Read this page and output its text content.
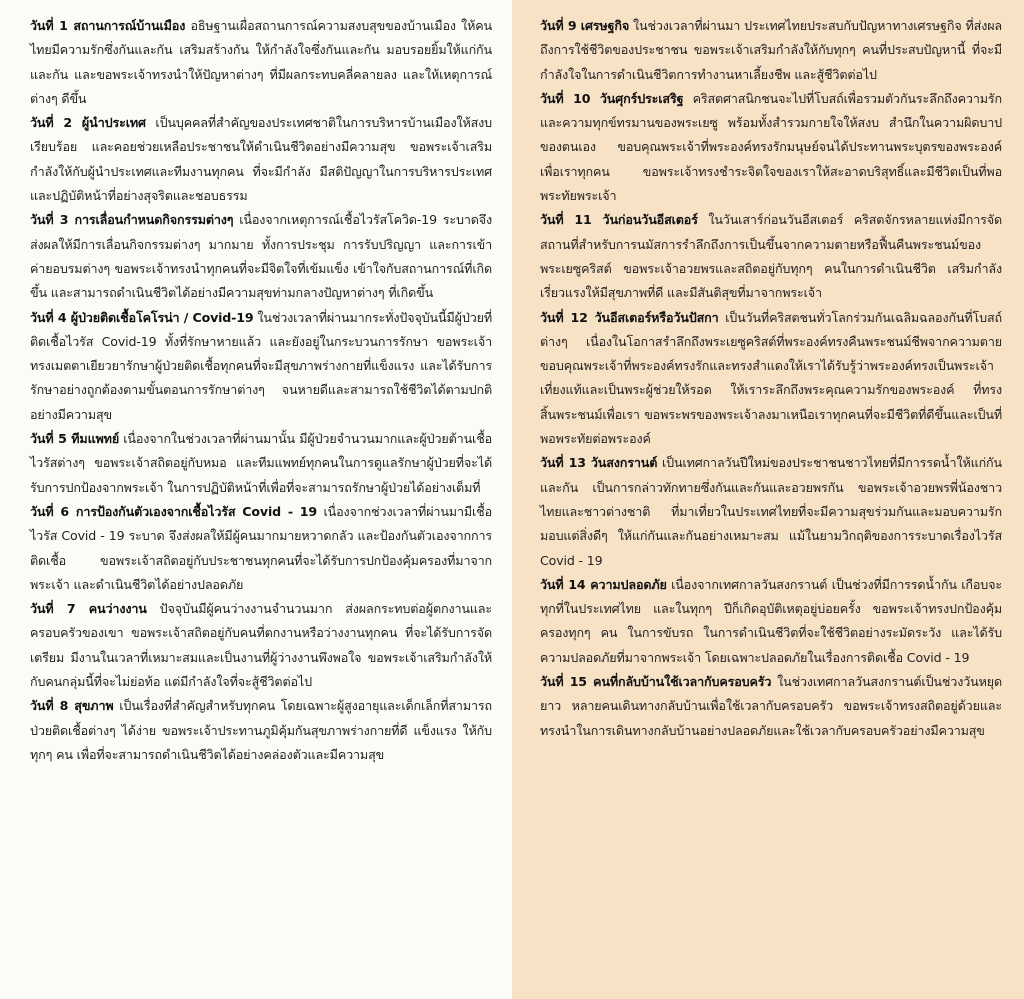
วันที่ 1 สถานการณ์บ้านเมือง อธิษฐานเผื่อสถานการณ์ความสงบสุขของบ้านเมือง ให้คนไทยมีความรักซึ่งกันและกัน เสริมสร้างกัน ให้กำลังใจซึ่งกันและกัน มอบรอยยิ้มให้แก่กันและกัน และขอพระเจ้าทรงนำให้ปัญหาต่างๆ ที่มีผลกระทบคลี่คลายลง และให้เหตุการณ์ต่างๆ ดีขึ้น

วันที่ 2 ผู้นำประเทศ เป็นบุคคลที่สำคัญของประเทศชาติในการบริหารบ้านเมืองให้สงบเรียบร้อย และคอยช่วยเหลือประชาชนให้ดำเนินชีวิตอย่างมีความสุข ขอพระเจ้าเสริมกำลังให้กับผู้นำประเทศและทีมงานทุกคน ที่จะมีกำลัง มีสติปัญญาในการบริหารประเทศ และปฏิบัติหน้าที่อย่างสุจริตและชอบธรรม

วันที่ 3 การเลื่อนกำหนดกิจกรรมต่างๆ เนื่องจากเหตุการณ์เชื้อไวรัสโควิด-19 ระบาดจึงส่งผลให้มีการเลื่อนกิจกรรมต่างๆ มากมาย ทั้งการประชุม การรับปริญญา และการเข้าค่ายอบรมต่างๆ ขอพระเจ้าทรงนำทุกคนที่จะมีจิตใจที่เข้มแข็ง เข้าใจกับสถานการณ์ที่เกิดขึ้น และสามารถดำเนินชีวิตได้อย่างมีความสุขท่ามกลางปัญหาต่างๆ ที่เกิดขึ้น

วันที่ 4 ผู้ป่วยติดเชื้อโคโรน่า / Covid-19 ในช่วงเวลาที่ผ่านมากระทั่งปัจจุบันนี้มีผู้ป่วยที่ติดเชื้อไวรัส Covid-19 ทั้งที่รักษาหายแล้ว และยังอยู่ในกระบวนการรักษา ขอพระเจ้าทรงเมตตาเยียวยารักษาผู้ป่วยติดเชื้อทุกคนที่จะมีสุขภาพร่างกายที่แข็งแรง และได้รับการรักษาอย่างถูกต้องตามขั้นตอนการรักษาต่างๆ จนหายดีและสามารถใช้ชีวิตได้ตามปกติอย่างมีความสุข

วันที่ 5 ทีมแพทย์ เนื่องจากในช่วงเวลาที่ผ่านมานั้น มีผู้ป่วยจำนวนมากและผู้ป่วยต้านเชื้อไวรัสต่างๆ ขอพระเจ้าสถิตอยู่กับหมอ และทีมแพทย์ทุกคนในการดูแลรักษาผู้ป่วยที่จะได้รับการปกป้องจากพระเจ้า ในการปฏิบัติหน้าที่เพื่อที่จะสามารถรักษาผู้ป่วยได้อย่างเต็มที่

วันที่ 6 การป้องกันตัวเองจากเชื้อไวรัส Covid - 19 เนื่องจากช่วงเวลาที่ผ่านมามีเชื้อไวรัส Covid - 19 ระบาด จึงส่งผลให้มีผู้คนมากมายหวาดกลัว และป้องกันตัวเองจากการติดเชื้อ ขอพระเจ้าสถิตอยู่กับประชาชนทุกคนที่จะได้รับการปกป้องคุ้มครองที่มาจากพระเจ้า และดำเนินชีวิตได้อย่างปลอดภัย

วันที่ 7 คนว่างงาน ปัจจุบันมีผู้คนว่างงานจำนวนมาก ส่งผลกระทบต่อผู้ตกงานและครอบครัวของเขา ขอพระเจ้าสถิตอยู่กับคนที่ตกงานหรือว่างงานทุกคน ที่จะได้รับการจัดเตรียม มีงานในเวลาที่เหมาะสมและเป็นงานที่ผู้ว่างงานพึงพอใจ ขอพระเจ้าเสริมกำลังให้กับคนกลุ่มนี้ที่จะไม่ย่อท้อ แต่มีกำลังใจที่จะสู้ชีวิตต่อไป

วันที่ 8 สุขภาพ เป็นเรื่องที่สำคัญสำหรับทุกคน โดยเฉพาะผู้สูงอายุและเด็กเล็กที่สามารถป่วยติดเชื้อต่างๆ ได้ง่าย ขอพระเจ้าประทานภูมิคุ้มกันสุขภาพร่างกายที่ดี แข็งแรง ให้กับทุกๆ คน เพื่อที่จะสามารถดำเนินชีวิตได้อย่างคล่องตัวและมีความสุข

วันที่ 9 เศรษฐกิจ ในช่วงเวลาที่ผ่านมา ประเทศไทยประสบกับปัญหาทางเศรษฐกิจ ที่ส่งผลถึงการใช้ชีวิตของประชาชน ขอพระเจ้าเสริมกำลังให้กับทุกๆ คนที่ประสบปัญหานี้ ที่จะมีกำลังใจในการดำเนินชีวิตการทำงานหาเลี้ยงชีพ และสู้ชีวิตต่อไป

วันที่ 10 วันศุกร์ประเสริฐ คริสตศาสนิกชนจะไปที่โบสถ์เพื่อรวมตัวกันระลึกถึงความรักและความทุกข์ทรมานของพระเยซู พร้อมทั้งสำรวมกายใจให้สงบ สำนึกในความผิดบาปของตนเอง ขอบคุณพระเจ้าที่พระองค์ทรงรักมนุษย์จนได้ประทานพระบุตรของพระองค์เพื่อเราทุกคน ขอพระเจ้าทรงชำระจิตใจของเราให้สะอาดบริสุทธิ์และมีชีวิตเป็นที่พอพระทัยพระเจ้า

วันที่ 11 วันก่อนวันอีสเตอร์ ในวันเสาร์ก่อนวันอีสเตอร์ คริสตจักรหลายแห่งมีการจัดสถานที่สำหรับการนมัสการรำลึกถึงการเป็นขึ้นจากความตายหรือฟื้นคืนพระชนม์ของพระเยซูคริสต์ ขอพระเจ้าอวยพรและสถิตอยู่กับทุกๆ คนในการดำเนินชีวิต เสริมกำลังเรี่ยวแรงให้มีสุขภาพที่ดี และมีสันติสุขที่มาจากพระเจ้า

วันที่ 12 วันอีสเตอร์หรือวันปัสกา เป็นวันที่คริสตชนทั่วโลกร่วมกันเฉลิมฉลองกันที่โบสถ์ต่างๆ เนื่องในโอกาสรำลึกถึงพระเยซูคริสต์ที่พระองค์ทรงคืนพระชนม์ชีพจากความตาย ขอบคุณพระเจ้าที่พระองค์ทรงรักและทรงสำแดงให้เราได้รับรู้ว่าพระองค์ทรงเป็นพระเจ้าเที่ยงแท้และเป็นพระผู้ช่วยให้รอด ให้เราระลึกถึงพระคุณความรักของพระองค์ ที่ทรงสิ้นพระชนม์เพื่อเรา ขอพระพรของพระเจ้าลงมาเหนือเราทุกคนที่จะมีชีวิตที่ดีขึ้นและเป็นที่พอพระทัยต่อพระองค์

วันที่ 13 วันสงกรานต์ เป็นเทศกาลวันปีใหม่ของประชาชนชาวไทยที่มีการรดน้ำให้แก่กันและกัน เป็นการกล่าวทักทายซึ่งกันและกันและอวยพรกัน ขอพระเจ้าอวยพรพี่น้องชาวไทยและชาวต่างชาติ ที่มาเที่ยวในประเทศไทยที่จะมีความสุขร่วมกันและมอบความรัก มอบแต่สิ่งดีๆ ให้แก่กันและกันอย่างเหมาะสม แม้ในยามวิกฤติของการระบาดเรื่องไวรัส Covid - 19

วันที่ 14 ความปลอดภัย เนื่องจากเทศกาลวันสงกรานต์ เป็นช่วงที่มีการรดน้ำกัน เกือบจะทุกที่ในประเทศไทย และในทุกๆ ปีก็เกิดอุบัติเหตุอยู่บ่อยครั้ง ขอพระเจ้าทรงปกป้องคุ้มครองทุกๆ คน ในการขับรถ ในการดำเนินชีวิตที่จะใช้ชีวิตอย่างระมัดระวัง และได้รับความปลอดภัยที่มาจากพระเจ้า โดยเฉพาะปลอดภัยในเรื่องการติดเชื้อ Covid - 19

วันที่ 15 คนที่กลับบ้านใช้เวลากับครอบครัว ในช่วงเทศกาลวันสงกรานต์เป็นช่วงวันหยุดยาว หลายคนเดินทางกลับบ้านเพื่อใช้เวลากับครอบครัว ขอพระเจ้าทรงสถิตอยู่ด้วยและทรงนำในการเดินทางกลับบ้านอย่างปลอดภัยและใช้เวลากับครอบครัวอย่างมีความสุข
